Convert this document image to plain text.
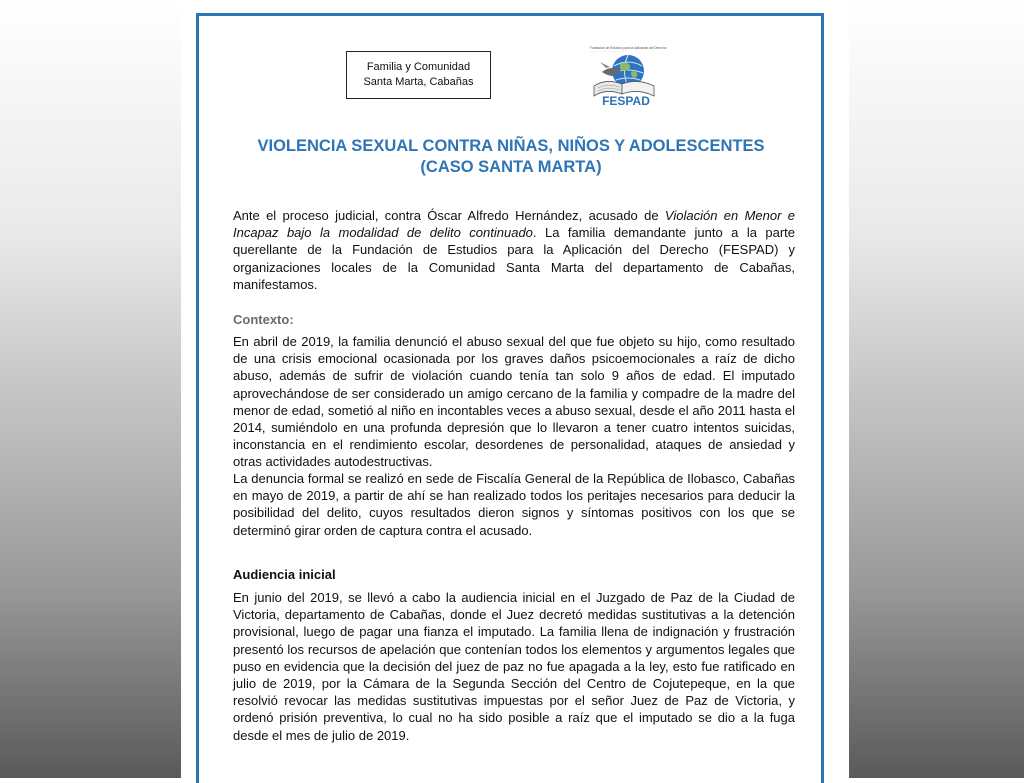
Familia y Comunidad
Santa Marta, Cabañas
Fundación de Estudios para la Aplicación del Derecho
· · · · · · · · · · · · · · · · · · · ·
FESPAD
VIOLENCIA SEXUAL CONTRA NIÑAS, NIÑOS Y ADOLESCENTES
(CASO SANTA MARTA)
Ante el proceso judicial, contra Óscar Alfredo Hernández, acusado de Violación en Menor e Incapaz bajo la modalidad de delito continuado. La familia demandante junto a la parte querellante de la Fundación de Estudios para la Aplicación del Derecho (FESPAD) y organizaciones locales de la Comunidad Santa Marta del departamento de Cabañas, manifestamos.
Contexto:
En abril de 2019, la familia denunció el abuso sexual del que fue objeto su hijo, como resultado de una crisis emocional ocasionada por los graves daños psicoemocionales a raíz de dicho abuso, además de sufrir de violación cuando tenía tan solo 9 años de edad. El imputado aprovechándose de ser considerado un amigo cercano de la familia y compadre de la madre del menor de edad, sometió al niño en incontables veces a abuso sexual, desde el año 2011 hasta el 2014, sumiéndolo en una profunda depresión que lo llevaron a tener cuatro intentos suicidas, inconstancia en el rendimiento escolar, desordenes de personalidad, ataques de ansiedad y otras actividades autodestructivas.
La denuncia formal se realizó en sede de Fiscalía General de la República de Ilobasco, Cabañas en mayo de 2019, a partir de ahí se han realizado todos los peritajes necesarios para deducir la posibilidad del delito, cuyos resultados dieron signos y síntomas positivos con los que se determinó girar orden de captura contra el acusado.
Audiencia inicial
En junio del 2019, se llevó a cabo la audiencia inicial en el Juzgado de Paz de la Ciudad de Victoria, departamento de Cabañas, donde el Juez decretó medidas sustitutivas a la detención provisional, luego de pagar una fianza el imputado. La familia llena de indignación y frustración presentó los recursos de apelación que contenían todos los elementos y argumentos legales que puso en evidencia que la decisión del juez de paz no fue apagada a la ley, esto fue ratificado en julio de 2019, por la Cámara de la Segunda Sección del Centro de Cojutepeque, en la que resolvió revocar las medidas sustitutivas impuestas por el señor Juez de Paz de Victoria, y ordenó prisión preventiva, lo cual no ha sido posible a raíz que el imputado se dio a la fuga desde el mes de julio de 2019.
